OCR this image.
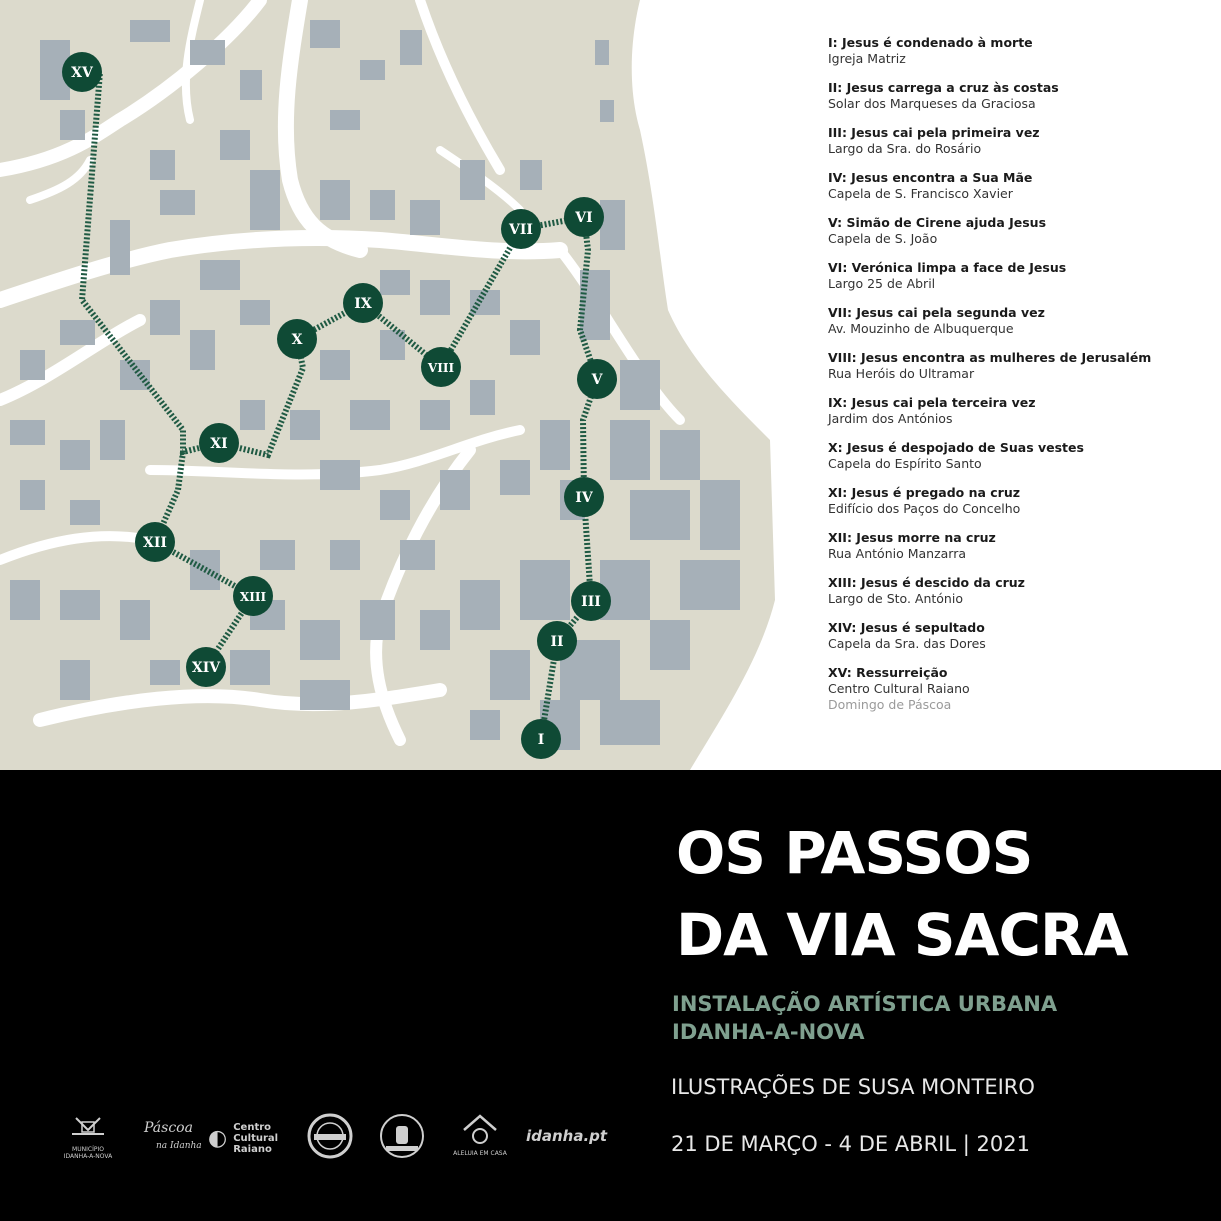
I
II
III
IV
V
VI
VII
VIII
IX
X
XI
XII
XIII
XIV
XV
I: Jesus é condenado à morte
Igreja Matriz
II: Jesus carrega a cruz às costas
Solar dos Marqueses da Graciosa
III: Jesus cai pela primeira vez
Largo da Sra. do Rosário
IV: Jesus encontra a Sua Mãe
Capela de S. Francisco Xavier
V: Simão de Cirene ajuda Jesus
Capela de S. João
VI: Verónica limpa a face de Jesus
Largo 25 de Abril
VII: Jesus cai pela segunda vez
Av. Mouzinho de Albuquerque
VIII: Jesus encontra as mulheres de Jerusalém
Rua Heróis do Ultramar
IX: Jesus cai pela terceira vez
Jardim dos Antónios
X: Jesus é despojado de Suas vestes
Capela do Espírito Santo
XI: Jesus é pregado na cruz
Edifício dos Paços do Concelho
XII: Jesus morre na cruz
Rua António Manzarra
XIII: Jesus é descido da cruz
Largo de Sto. António
XIV: Jesus é sepultado
Capela da Sra. das Dores
XV: Ressurreição
Centro Cultural Raiano
Domingo de Páscoa
OS PASSOS
DA VIA SACRA
INSTALAÇÃO ARTÍSTICA URBANA
IDANHA-A-NOVA
ILUSTRAÇÕES DE SUSA MONTEIRO
21 DE MARÇO - 4 DE ABRIL | 2021
MUNICÍPIO
IDANHA-A-NOVA
Páscoa
na Idanha ◐ Centro
Cultural
Raiano	ALELUIA EM CASA
idanha.pt
